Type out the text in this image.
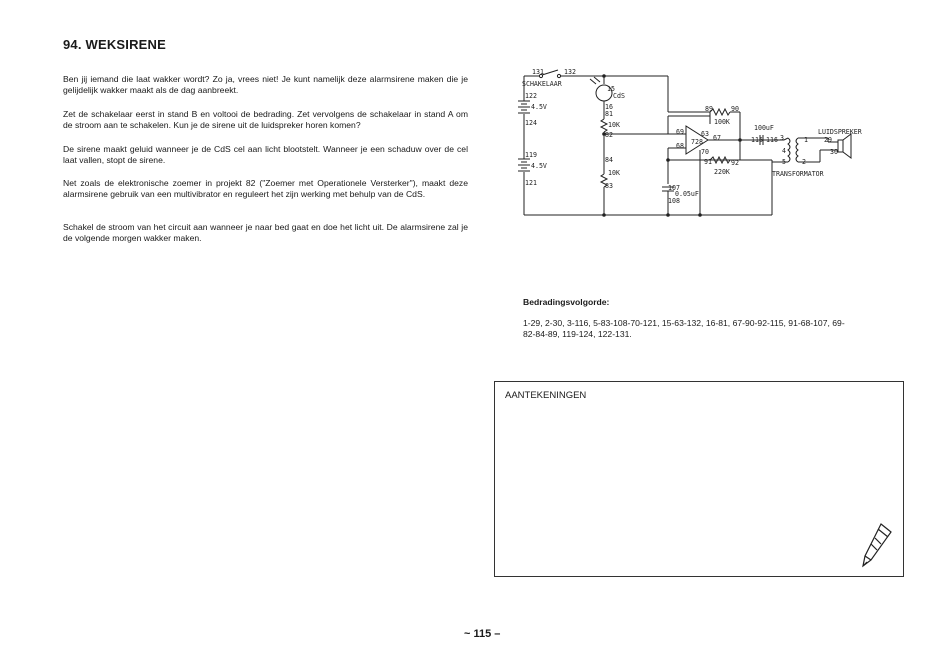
94. WEKSIRENE
Ben jij iemand die laat wakker wordt? Zo ja, vrees niet! Je kunt namelijk deze alarmsirene maken die je gelijdelijk wakker maakt als de dag aanbreekt.
Zet de schakelaar eerst in stand B en voltooi de bedrading. Zet vervolgens de schakelaar in stand A om de stroom aan te schakelen. Kun je de sirene uit de luidspreker horen komen?
De sirene maakt geluid wanneer je de CdS cel aan licht blootstelt. Wanneer je een schaduw over de cel laat vallen, stopt de sirene.
Net zoals de elektronische zoemer in projekt 82 ("Zoemer met Operationele Versterker"), maakt deze alarmsirene gebruik van een multivibrator en reguleert het zijn werking met behulp van de CdS.
Schakel de stroom van het circuit aan wanneer je naar bed gaat en doe het licht uit. De alarmsirene zal je de volgende morgen wakker maken.
131	132
SCHAKELAAR
122
4.5V
124
119
4.5V
121
15
CdS
16
81
10K
82
84
10K
83
89	90
100K
69	63 67
728
68
70
91	92
220K
107
0.05uF
108
100uF
115 116 3
4
5
1
2
29
30
LUIDSPREKER
TRANSFORMATOR
Bedradingsvolgorde:
1-29, 2-30, 3-116, 5-83-108-70-121, 15-63-132, 16-81, 67-90-92-115, 91-68-107, 69-82-84-89, 119-124, 122-131.
AANTEKENINGEN
~ 115 –
